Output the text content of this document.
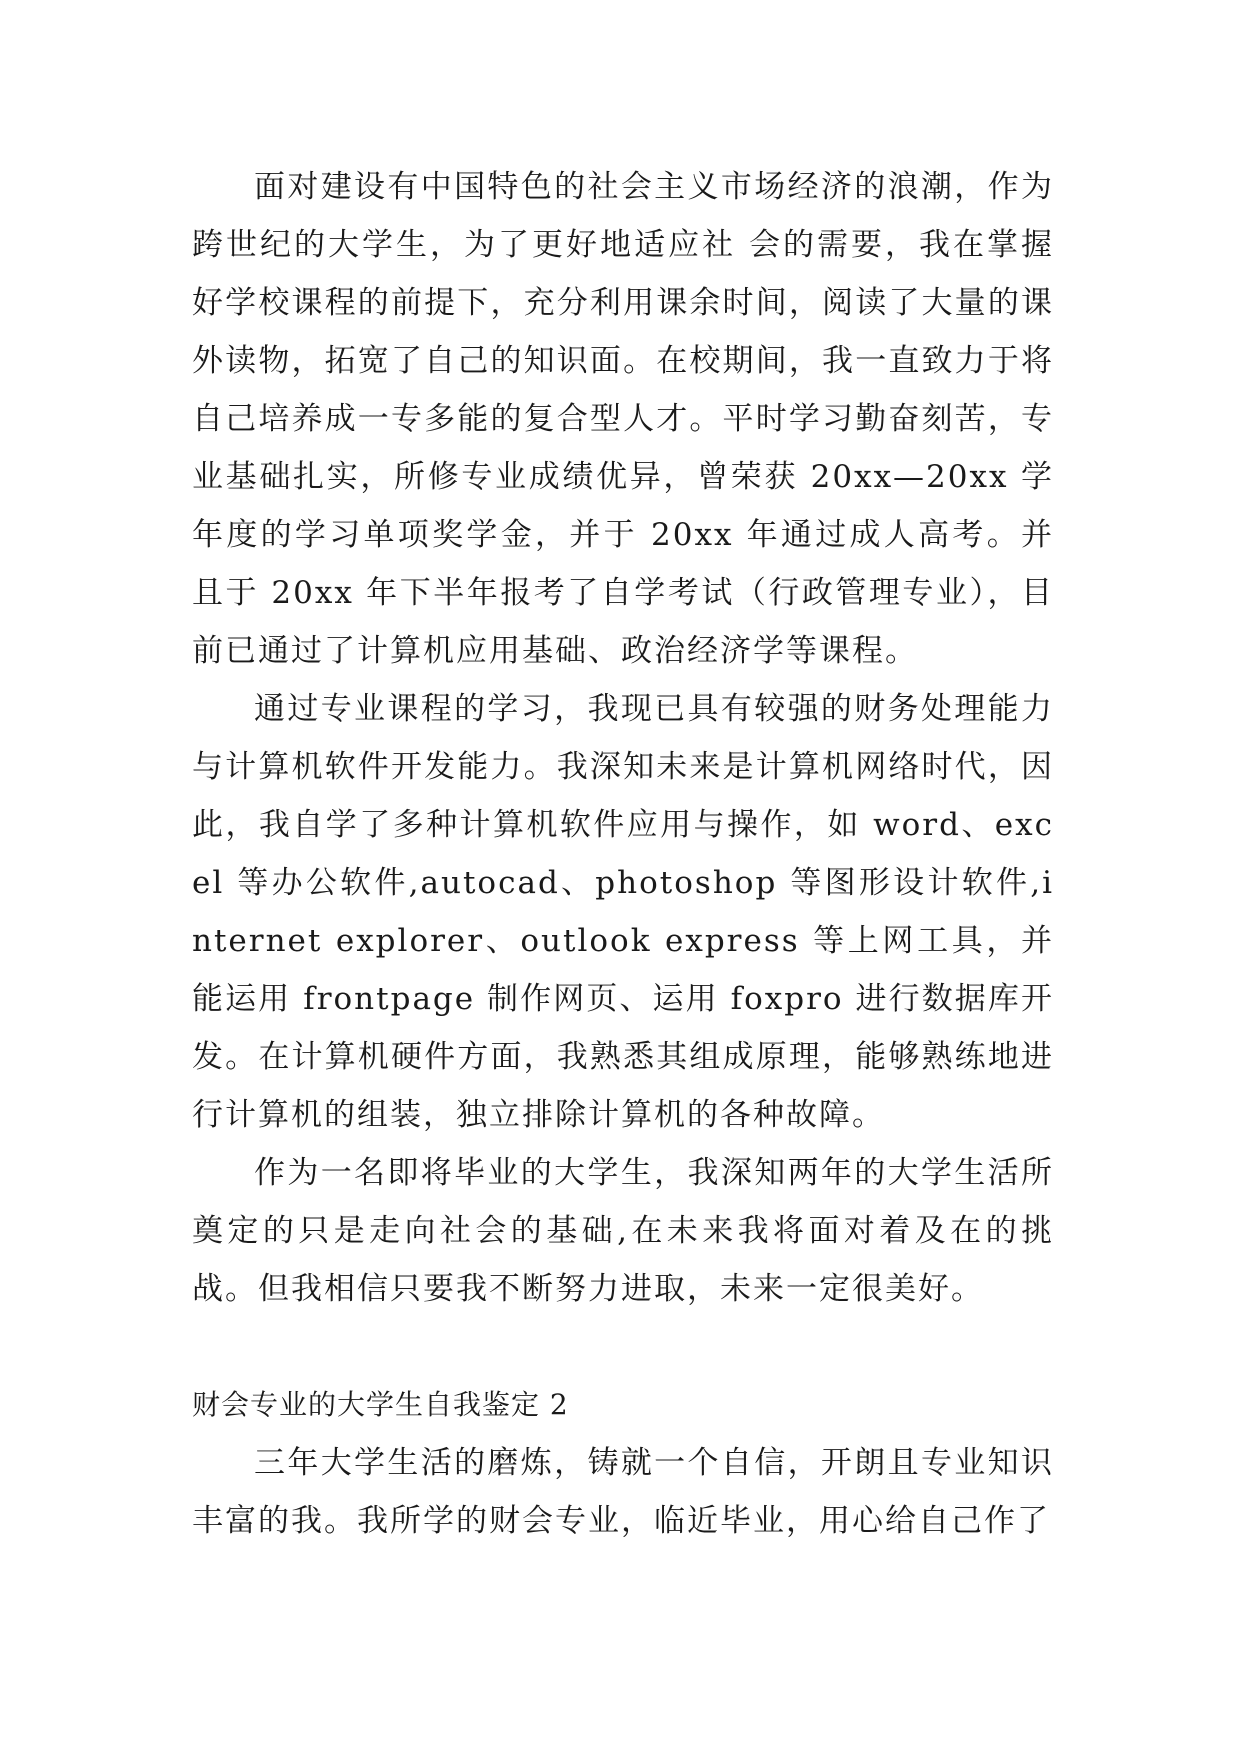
面对建设有中国特色的社会主义市场经济的浪潮，作为跨世纪的大学生，为了更好地适应社 会的需要，我在掌握好学校课程的前提下，充分利用课余时间，阅读了大量的课外读物，拓宽了自己的知识面。在校期间，我一直致力于将自己培养成一专多能的复合型人才。平时学习勤奋刻苦，专业基础扎实，所修专业成绩优异，曾荣获 20xx—20xx 学年度的学习单项奖学金，并于 20xx 年通过成人高考。并且于 20xx 年下半年报考了自学考试（行政管理专业），目前已通过了计算机应用基础、政治经济学等课程。

通过专业课程的学习，我现已具有较强的财务处理能力与计算机软件开发能力。我深知未来是计算机网络时代，因此，我自学了多种计算机软件应用与操作，如 word、excel 等办公软件,autocad、photoshop 等图形设计软件,internet explorer、outlook express 等上网工具，并能运用 frontpage 制作网页、运用 foxpro 进行数据库开发。在计算机硬件方面，我熟悉其组成原理，能够熟练地进行计算机的组装，独立排除计算机的各种故障。

作为一名即将毕业的大学生，我深知两年的大学生活所奠定的只是走向社会的基础,在未来我将面对着及在的挑战。但我相信只要我不断努力进取，未来一定很美好。

财会专业的大学生自我鉴定 2

三年大学生活的磨炼，铸就一个自信，开朗且专业知识丰富的我。我所学的财会专业，临近毕业，用心给自己作了
